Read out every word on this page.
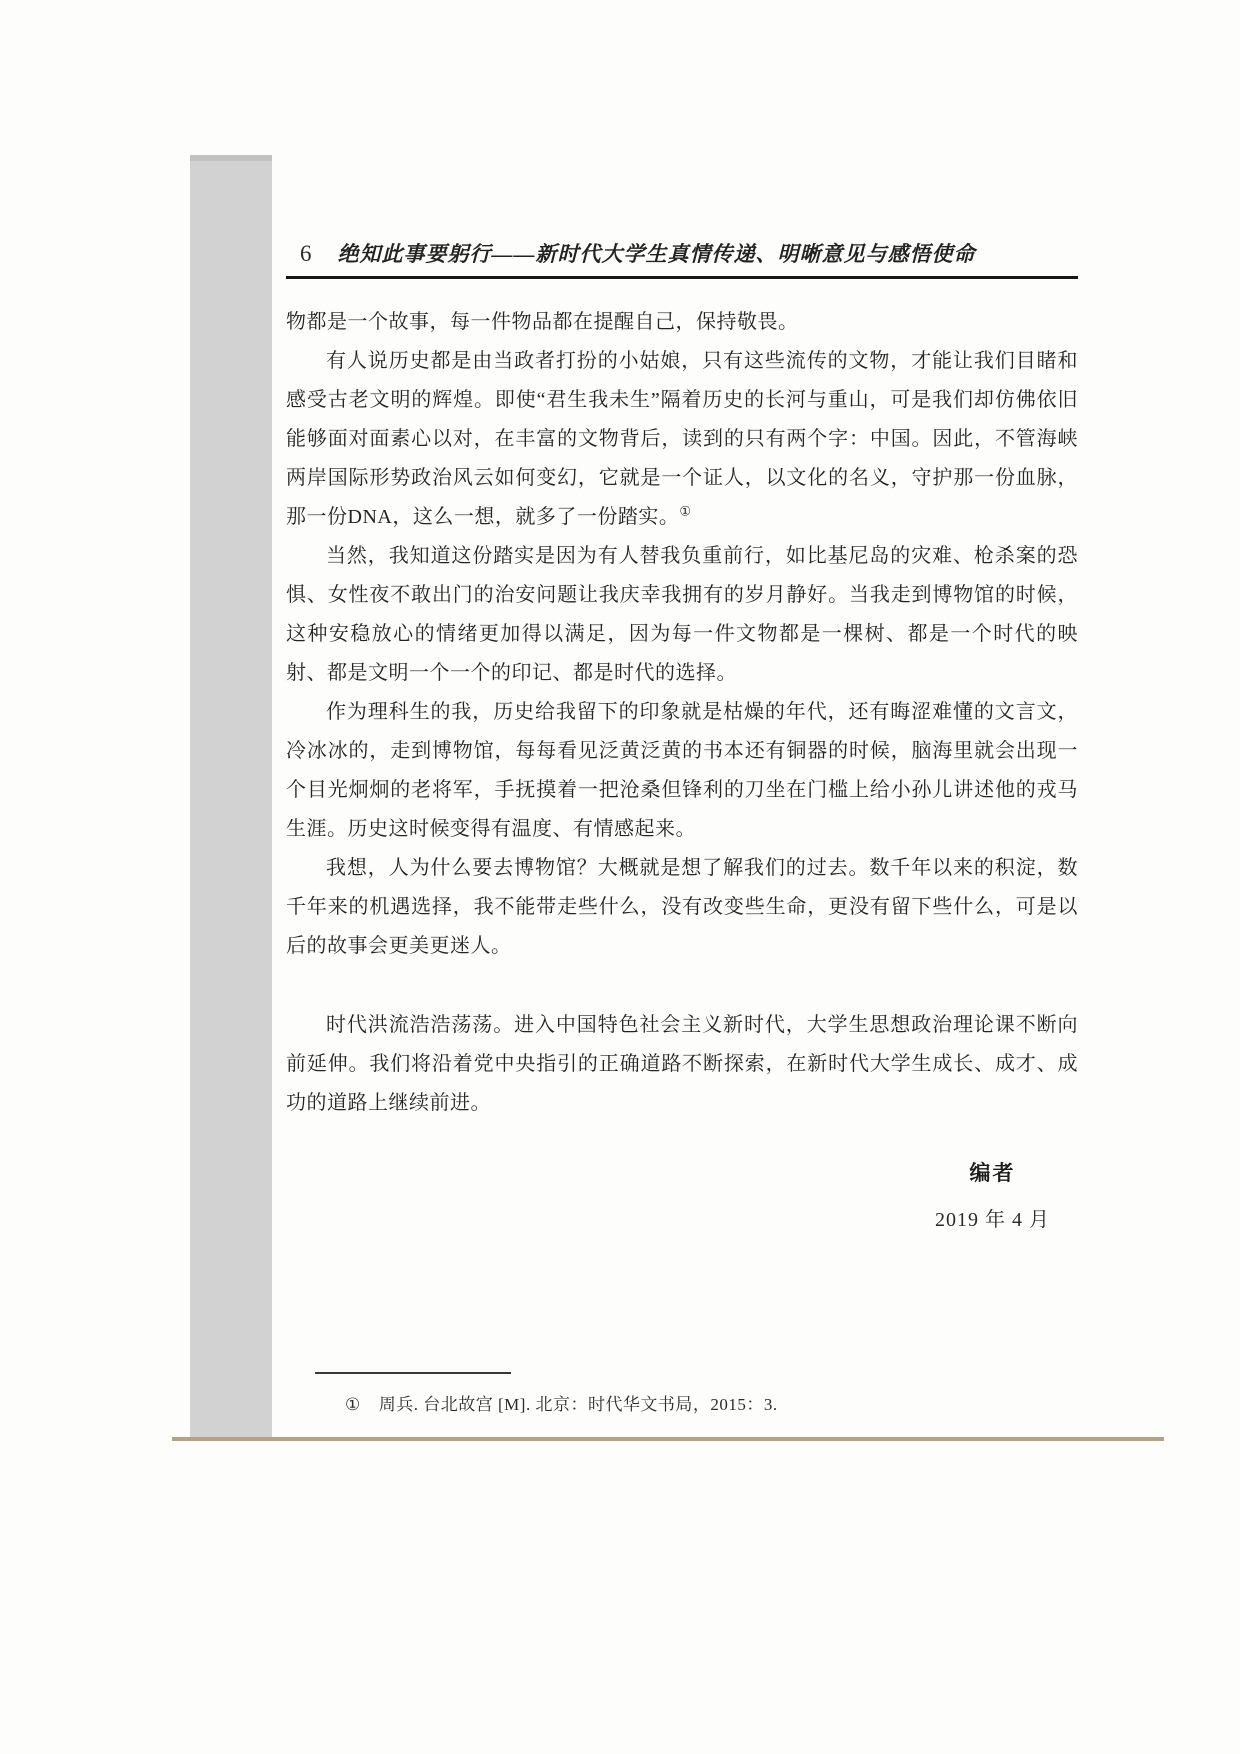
6 绝知此事要躬行——新时代大学生真情传递、明晰意见与感悟使命

物都是一个故事，每一件物品都在提醒自己，保持敬畏。

有人说历史都是由当政者打扮的小姑娘，只有这些流传的文物，才能让我们目睹和感受古老文明的辉煌。即使“君生我未生”隔着历史的长河与重山，可是我们却仿佛依旧能够面对面素心以对，在丰富的文物背后，读到的只有两个字：中国。因此，不管海峡两岸国际形势政治风云如何变幻，它就是一个证人，以文化的名义，守护那一份血脉，那一份DNA，这么一想，就多了一份踏实。①

当然，我知道这份踏实是因为有人替我负重前行，如比基尼岛的灾难、枪杀案的恐惧、女性夜不敢出门的治安问题让我庆幸我拥有的岁月静好。当我走到博物馆的时候，这种安稳放心的情绪更加得以满足，因为每一件文物都是一棵树、都是一个时代的映射、都是文明一个一个的印记、都是时代的选择。

作为理科生的我，历史给我留下的印象就是枯燥的年代，还有晦涩难懂的文言文，冷冰冰的，走到博物馆，每每看见泛黄泛黄的书本还有铜器的时候，脑海里就会出现一个目光炯炯的老将军，手抚摸着一把沧桑但锋利的刀坐在门槛上给小孙儿讲述他的戎马生涯。历史这时候变得有温度、有情感起来。

我想，人为什么要去博物馆？大概就是想了解我们的过去。数千年以来的积淀，数千年来的机遇选择，我不能带走些什么，没有改变些生命，更没有留下些什么，可是以后的故事会更美更迷人。

时代洪流浩浩荡荡。进入中国特色社会主义新时代，大学生思想政治理论课不断向前延伸。我们将沿着党中央指引的正确道路不断探索，在新时代大学生成长、成才、成功的道路上继续前进。

编者
2019 年 4 月
① 周兵. 台北故宫 [M]. 北京：时代华文书局，2015：3.
